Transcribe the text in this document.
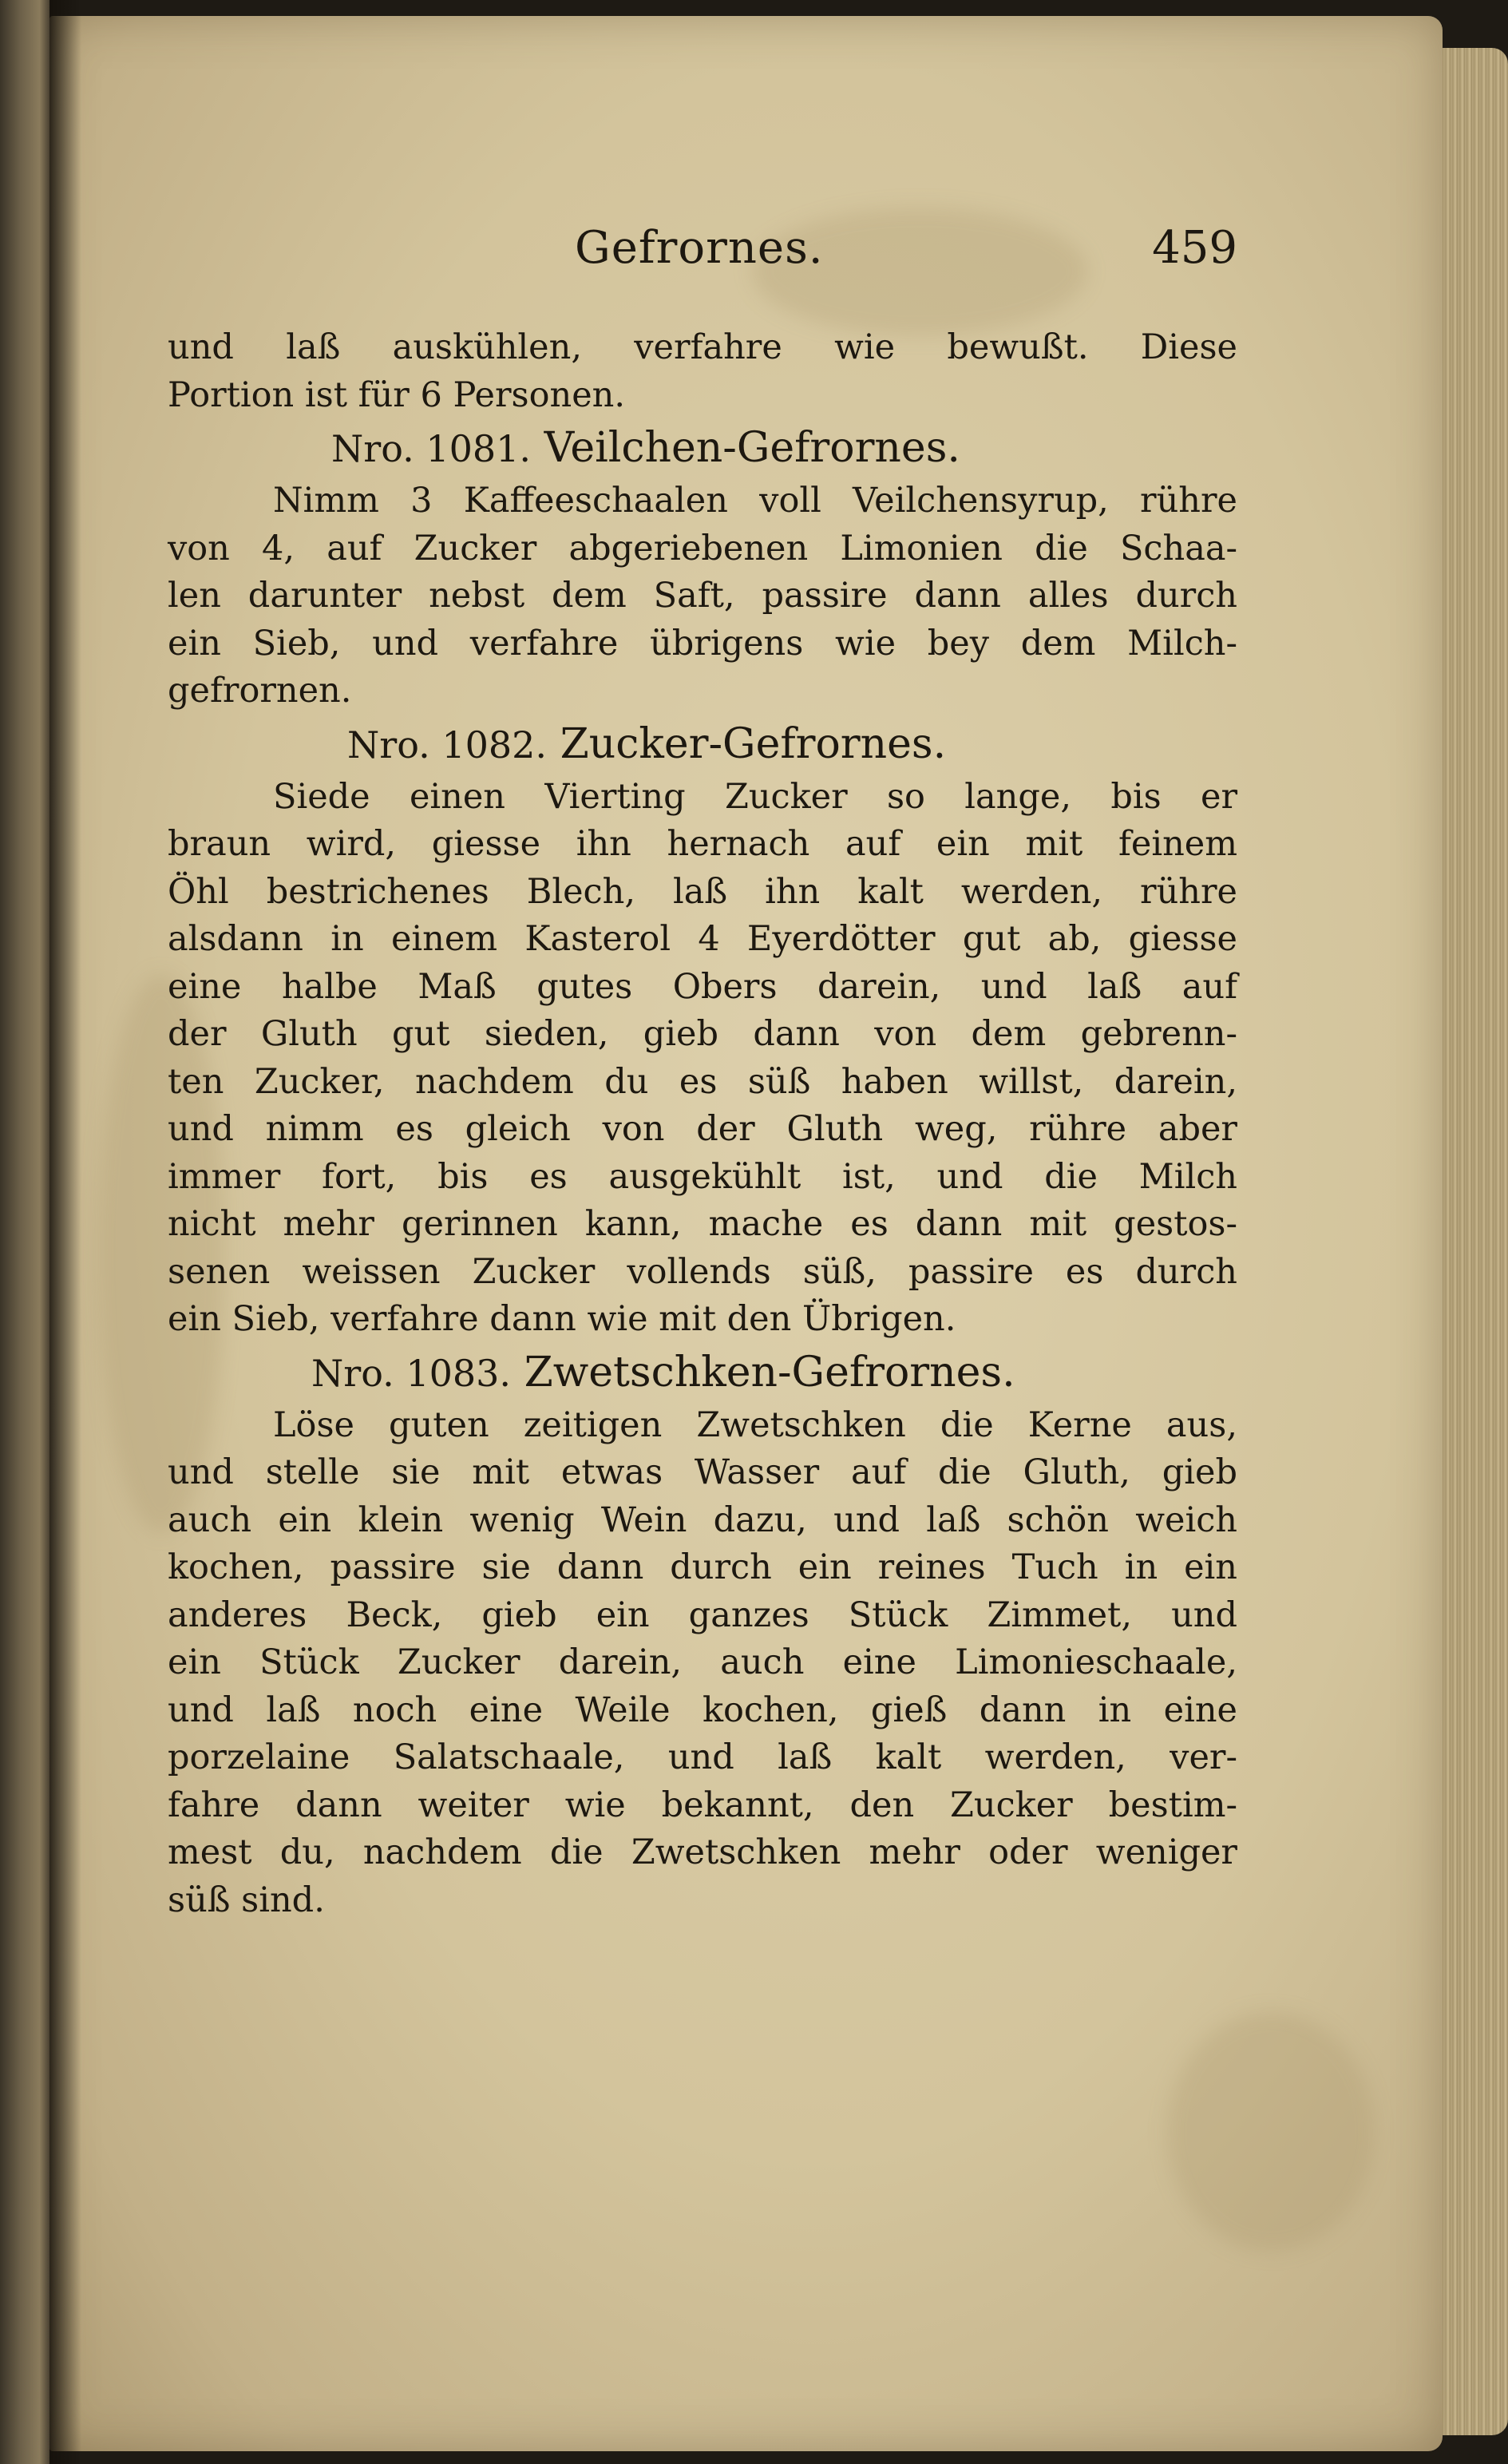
Gefrornes.	459
und laß auskühlen, verfahre wie bewußt. Diese
Portion ist für 6 Personen.
Nro. 1081. Veilchen-Gefrornes.
Nimm 3 Kaffeeschaalen voll Veilchensyrup, rühre
von 4, auf Zucker abgeriebenen Limonien die Schaa-
len darunter nebst dem Saft, passire dann alles durch
ein Sieb, und verfahre übrigens wie bey dem Milch-
gefrornen.
Nro. 1082. Zucker-Gefrornes.
Siede einen Vierting Zucker so lange, bis er
braun wird, giesse ihn hernach auf ein mit feinem
Öhl bestrichenes Blech, laß ihn kalt werden, rühre
alsdann in einem Kasterol 4 Eyerdötter gut ab, giesse
eine halbe Maß gutes Obers darein, und laß auf
der Gluth gut sieden, gieb dann von dem gebrenn-
ten Zucker, nachdem du es süß haben willst, darein,
und nimm es gleich von der Gluth weg, rühre aber
immer fort, bis es ausgekühlt ist, und die Milch
nicht mehr gerinnen kann, mache es dann mit gestos-
senen weissen Zucker vollends süß, passire es durch
ein Sieb, verfahre dann wie mit den Übrigen.
Nro. 1083. Zwetschken-Gefrornes.
Löse guten zeitigen Zwetschken die Kerne aus,
und stelle sie mit etwas Wasser auf die Gluth, gieb
auch ein klein wenig Wein dazu, und laß schön weich
kochen, passire sie dann durch ein reines Tuch in ein
anderes Beck, gieb ein ganzes Stück Zimmet, und
ein Stück Zucker darein, auch eine Limonieschaale,
und laß noch eine Weile kochen, gieß dann in eine
porzelaine Salatschaale, und laß kalt werden, ver-
fahre dann weiter wie bekannt, den Zucker bestim-
mest du, nachdem die Zwetschken mehr oder weniger
süß sind.
